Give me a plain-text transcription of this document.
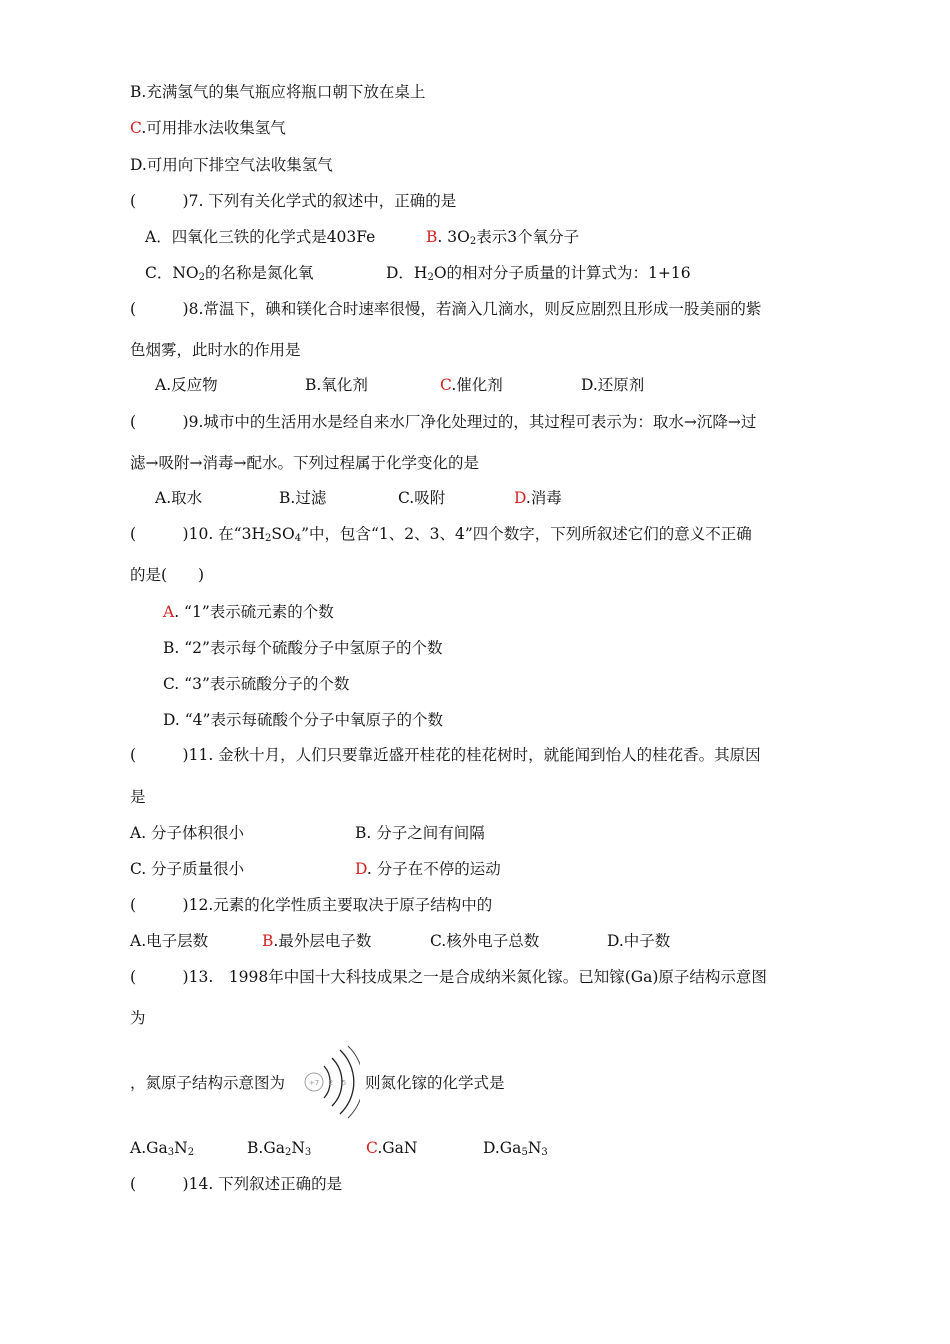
B.充满氢气的集气瓶应将瓶口朝下放在桌上
C.可用排水法收集氢气
D.可用向下排空气法收集氢气
(　　　)7. 下列有关化学式的叙述中，正确的是
A．四氧化三铁的化学式是403Fe	B. $3O_2$表示3个氧分子
C．$NO_2$的名称是氮化氧	D．$H_2O$的相对分子质量的计算式为：1+16
(　　　)8.常温下，碘和镁化合时速率很慢，若滴入几滴水，则反应剧烈且形成一股美丽的紫
色烟雾，此时水的作用是
A.反应物	B.氧化剂	C.催化剂	D.还原剂
(　　　)9.城市中的生活用水是经自来水厂净化处理过的，其过程可表示为：取水→沉降→过
滤→吸附→消毒→配水。下列过程属于化学变化的是
A.取水	B.过滤	C.吸附	D.消毒
(　　　)10. 在“$3H_2SO_4$”中，包含“1、2、3、4”四个数字，下列所叙述它们的意义不正确
的是(　　)
A. “1”表示硫元素的个数
B. “2”表示每个硫酸分子中氢原子的个数
C. “3”表示硫酸分子的个数
D. “4”表示每硫酸个分子中氧原子的个数
(　　　)11. 金秋十月，人们只要靠近盛开桂花的桂花树时，就能闻到怡人的桂花香。其原因
是
A. 分子体积很小	B. 分子之间有间隔
C. 分子质量很小	D. 分子在不停的运动
(　　　)12.元素的化学性质主要取决于原子结构中的
A.电子层数	B.最外层电子数	C.核外电子总数	D.中子数
(　　　)13.　1998年中国十大科技成果之一是合成纳米氮化镓。已知镓(Ga)原子结构示意图
为
，氮原子结构示意图为	+7 2 5 则氮化镓的化学式是
$A.Ga_3N_2$	$B.Ga_2N_3$	C.GaN	$D.Ga_5N_3$
(　　　)14. 下列叙述正确的是
